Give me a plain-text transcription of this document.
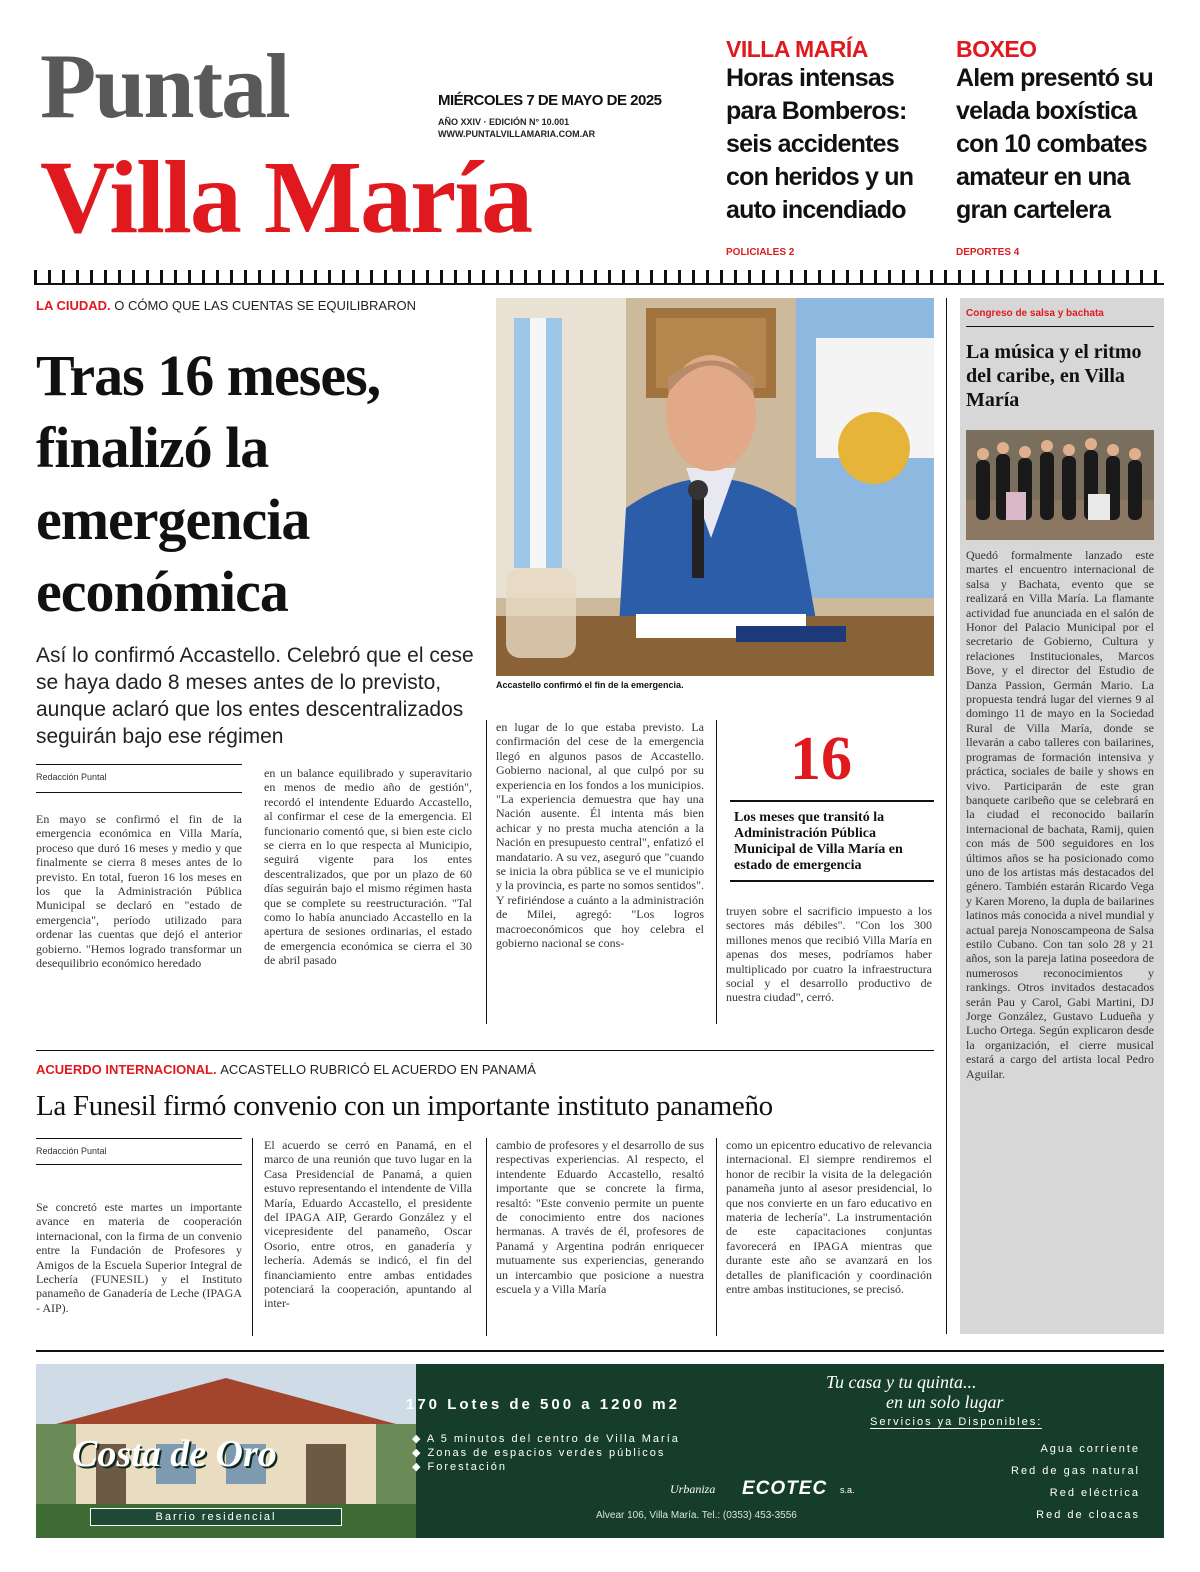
Puntal
Villa María
MIÉRCOLES 7 DE MAYO DE 2025
AÑO XXIV · EDICIÓN N° 10.001
WWW.PUNTALVILLAMARIA.COM.AR
VILLA MARÍA
Horas intensas para Bomberos: seis accidentes con heridos y un auto incendiado
POLICIALES 2
BOXEO
Alem presentó su velada boxística con 10 combates amateur en una gran cartelera
DEPORTES 4
LA CIUDAD. O CÓMO QUE LAS CUENTAS SE EQUILIBRARON
Tras 16 meses, finalizó la emergencia económica
Así lo confirmó Accastello. Celebró que el cese se haya dado 8 meses antes de lo previsto, aunque aclaró que los entes descentralizados seguirán bajo ese régimen
Redacción Puntal
En mayo se confirmó el fin de la emergencia económica en Villa María, proceso que duró 16 meses y medio y que finalmente se cierra 8 meses antes de lo previsto. En total, fueron 16 los meses en los que la Administración Pública Municipal se declaró en "estado de emergencia", período utilizado para ordenar las cuentas que dejó el anterior gobierno. "Hemos logrado transformar un desequilibrio económico heredado
en un balance equilibrado y superavitario en menos de medio año de gestión", recordó el intendente Eduardo Accastello, al confirmar el cese de la emergencia. El funcionario comentó que, si bien este ciclo se cierra en lo que respecta al Municipio, seguirá vigente para los entes descentralizados, que por un plazo de 60 días seguirán bajo el mismo régimen hasta que se complete su reestructuración. "Tal como lo había anunciado Accastello en la apertura de sesiones ordinarias, el estado de emergencia económica se cierra el 30 de abril pasado
en lugar de lo que estaba previsto. La confirmación del cese de la emergencia llegó en algunos pasos de Accastello. Gobierno nacional, al que culpó por su experiencia en los fondos a los municipios. "La experiencia demuestra que hay una Nación ausente. Él intenta más bien achicar y no presta mucha atención a la Nación en presupuesto central", enfatizó el mandatario. A su vez, aseguró que "cuando se inicia la obra pública se ve el municipio y la provincia, es parte no somos sentidos". Y refiriéndose a cuánto a la administración de Milei, agregó: "Los logros macroeconómicos que hoy celebra el gobierno nacional se cons-
truyen sobre el sacrificio impuesto a los sectores más débiles". "Con los 300 millones menos que recibió Villa María en apenas dos meses, podríamos haber multiplicado por cuatro la infraestructura social y el desarrollo productivo de nuestra ciudad", cerró.
Accastello confirmó el fin de la emergencia.
16
Los meses que transitó la Administración Pública Municipal de Villa María en estado de emergencia
Congreso de salsa y bachata
La música y el ritmo del caribe, en Villa María
Quedó formalmente lanzado este martes el encuentro internacional de salsa y Bachata, evento que se realizará en Villa María. La flamante actividad fue anunciada en el salón de Honor del Palacio Municipal por el secretario de Gobierno, Cultura y relaciones Institucionales, Marcos Bove, y el director del Estudio de Danza Passion, Germán Mario. La propuesta tendrá lugar del viernes 9 al domingo 11 de mayo en la Sociedad Rural de Villa María, donde se llevarán a cabo talleres con bailarines, programas de formación intensiva y práctica, sociales de baile y shows en vivo. Participarán de este gran banquete caribeño que se celebrará en la ciudad el reconocido bailarín internacional de bachata, Ramij, quien con más de 500 seguidores en los últimos años se ha posicionado como uno de los artistas más destacados del género. También estarán Ricardo Vega y Karen Moreno, la dupla de bailarines latinos más conocida a nivel mundial y actual pareja Nonoscampeona de Salsa estilo Cubano. Con tan solo 28 y 21 años, son la pareja latina poseedora de numerosos reconocimientos y rankings. Otros invitados destacados serán Pau y Carol, Gabi Martini, DJ Jorge González, Gustavo Ludueña y Lucho Ortega. Según explicaron desde la organización, el cierre musical estará a cargo del artista local Pedro Aguilar.
ACUERDO INTERNACIONAL. ACCASTELLO RUBRICÓ EL ACUERDO EN PANAMÁ
La Funesil firmó convenio con un importante instituto panameño
Redacción Puntal
Se concretó este martes un importante avance en materia de cooperación internacional, con la firma de un convenio entre la Fundación de Profesores y Amigos de la Escuela Superior Integral de Lechería (FUNESIL) y el Instituto panameño de Ganadería de Leche (IPAGA - AIP).
El acuerdo se cerró en Panamá, en el marco de una reunión que tuvo lugar en la Casa Presidencial de Panamá, a quien estuvo representando el intendente de Villa María, Eduardo Accastello, el presidente del IPAGA AIP, Gerardo González y el vicepresidente del panameño, Oscar Osorio, entre otros, en ganadería y lechería. Además se indicó, el fin del financiamiento entre ambas entidades potenciará la cooperación, apuntando al inter-
cambio de profesores y el desarrollo de sus respectivas experiencias. Al respecto, el intendente Eduardo Accastello, resaltó importante que se concrete la firma, resaltó: "Este convenio permite un puente de conocimiento entre dos naciones hermanas. A través de él, profesores de Panamá y Argentina podrán enriquecer mutuamente sus experiencias, generando un intercambio que posicione a nuestra escuela y a Villa María
como un epicentro educativo de relevancia internacional. El siempre rendiremos el honor de recibir la visita de la delegación panameña junto al asesor presidencial, lo que nos convierte en un faro educativo en materia de lechería". La instrumentación de este capacitaciones conjuntas favorecerá en IPAGA mientras que durante este año se avanzará en los detalles de planificación y coordinación entre ambas instituciones, se precisó.
Costa de Oro
Barrio residencial
170 Lotes de 500 a 1200 m2
◆ A 5 minutos del centro de Villa María
◆ Zonas de espacios verdes públicos
◆ Forestación
Urbaniza ECOTEC s.a.
Alvear 106, Villa María. Tel.: (0353) 453-3556
Tu casa y tu quinta...
en un solo lugar
Servicios ya Disponibles:
Agua corriente
Red de gas natural
Red eléctrica
Red de cloacas
